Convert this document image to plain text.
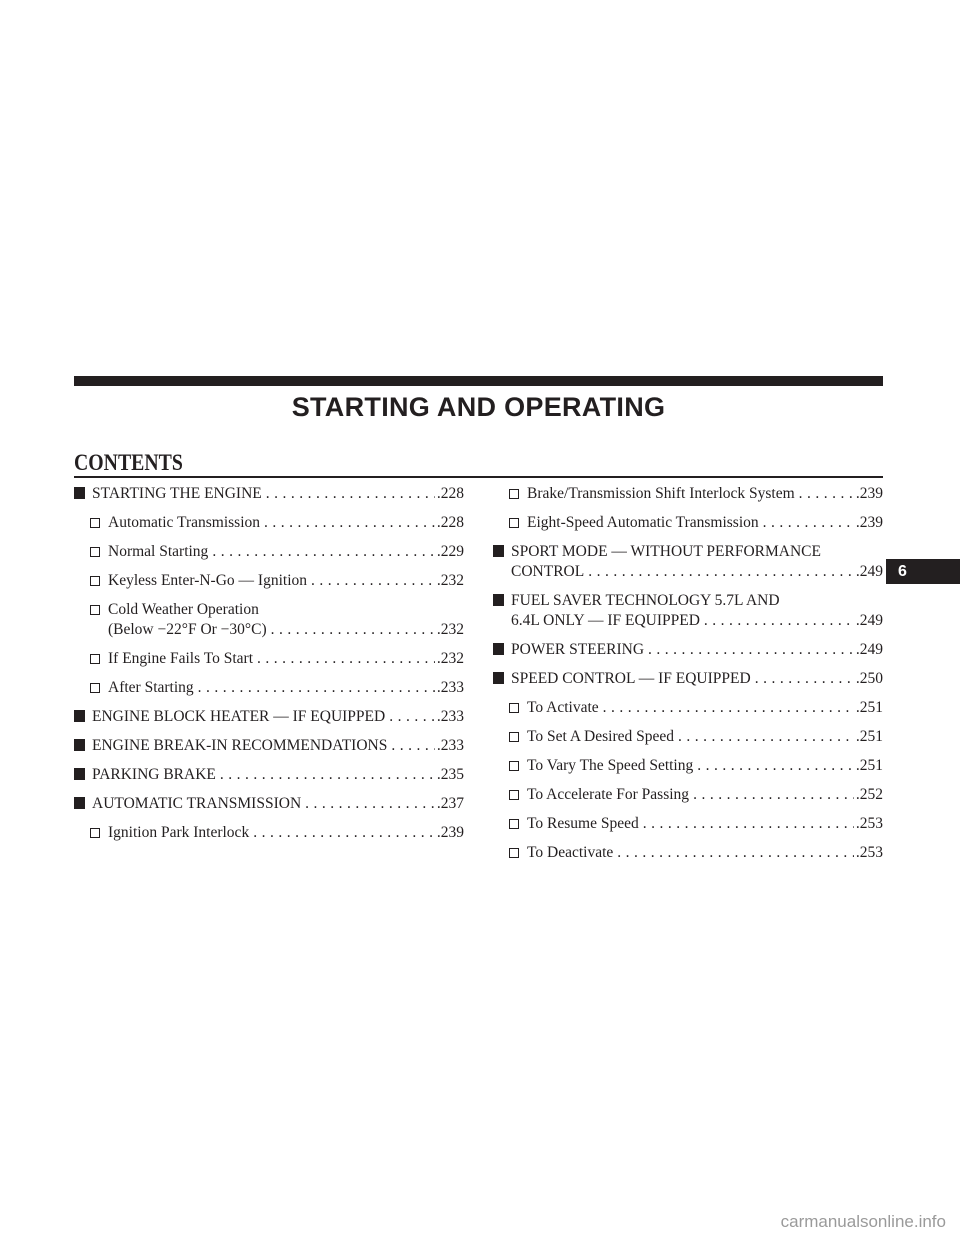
STARTING AND OPERATING
CONTENTS
STARTING THE ENGINE .....	.228
Automatic Transmission .....	.228
Normal Starting .....	.229
Keyless Enter-N-Go — Ignition .....	.232
Cold Weather Operation
(Below −22°F Or −30°C) .....	.232
If Engine Fails To Start .....	.232
After Starting .....	.233
ENGINE BLOCK HEATER — IF EQUIPPED .....	.233
ENGINE BREAK-IN RECOMMENDATIONS .....	.233
PARKING BRAKE .....	.235
AUTOMATIC TRANSMISSION .....	.237
Ignition Park Interlock .....	.239
Brake/Transmission Shift Interlock System .....	.239
Eight-Speed Automatic Transmission .....	.239
SPORT MODE — WITHOUT PERFORMANCE
CONTROL .....	.249
FUEL SAVER TECHNOLOGY 5.7L AND
6.4L ONLY — IF EQUIPPED .....	.249
POWER STEERING .....	.249
SPEED CONTROL — IF EQUIPPED .....	.250
To Activate .....	.251
To Set A Desired Speed .....	.251
To Vary The Speed Setting .....	.251
To Accelerate For Passing .....	.252
To Resume Speed .....	.253
To Deactivate .....	.253
6
carmanualsonline.info
